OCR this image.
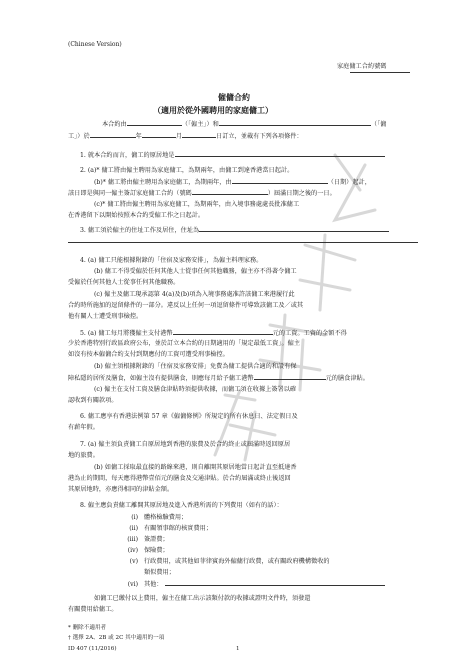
(Chinese Version)
家庭傭工合約號碼
僱傭合約
（適用於從外國聘用的家庭傭工）
本合約由	（「僱主」）和	（「傭
工」）於	年	月	日訂立，並載有下列各項條件：
1. 就本合約而言，傭工的原居地是
2. (a)* 傭工將由僱主聘用為家庭傭工，為期兩年，由傭工到達香港當日起計。
(b)* 傭工將由僱主聘用為家庭傭工，為期兩年，由	（日期）起計，
該日即是與同一僱主簽訂家庭傭工合約（號碼	）屆滿日期之後的一日。
(c)* 傭工將由僱主聘用為家庭傭工，為期兩年，由入境事務處處長批准傭工
在香港留下以開始按照本合約受僱工作之日起計。
3. 傭工須於僱主的住址工作及居住，住址為
4. (a) 傭工只能根據附錄的「住宿及家務安排」，為僱主料理家務。
(b) 傭工不得受僱於任何其他人士從事任何其他職務，僱主亦不得著令傭工
受僱於任何其他人士從事任何其他職務。
(c) 僱主及傭工現承認第 4(a)及(b)項為入境事務處准許該傭工來港履行此
合約時所施加的逗留條件的一部分。違反以上任何一項逗留條件可導致該傭工及／或其
他有關人士遭受刑事檢控。
5. (a) 傭工每月將獲僱主支付港幣	元的工資。工資的金額不得
少於香港特別行政區政府公布，並於訂立本合約的日期適用的「規定最低工資」。僱主
如沒有按本僱傭合約支付到期應付的工資可遭受刑事檢控。
(b) 僱主須根據附錄的「住宿及家務安排」免費為傭工提供合適的和設有保
障私隱的居所及膳食，如僱主沒有提供膳食，則應每月給予傭工港幣	元的膳食津貼。
(c) 僱主在支付工資及膳食津貼時須提供收據，而傭工須在收據上簽署以確
認收到有關款項。
6. 傭工應享有香港法例第 57 章《僱傭條例》所規定的所有休息日、法定假日及
有薪年假。
7. (a) 僱主須負責傭工自原居地到香港的旅費及於合約終止或屆滿時返回原居
地的旅費。
(b) 如傭工採取最直接的路線來港，則自離開其原居地當日起計直至抵達香
港為止的期間，每天應得港幣壹佰元的膳食及交通津貼。於合約屆滿或終止後返回
其原居地時，亦應得相同的津貼金額。
8. 僱主應負責傭工離開其原居地及進入香港所需的下列費用（如有的話）：
(i) 體格檢驗費用；
(ii) 有關領事館的核實費用；
(iii) 簽證費；
(iv) 保險費；
(v) 行政費用，或其他如菲律賓海外僱傭行政費，或有關政府機構徵收的
類似費用；
(vi) 其他：
如傭工已繳付以上費用，僱主在傭工出示該類付款的收據或證明文件時，須發還
有關費用給傭工。
* 刪除不適用者
† 選擇 2A、2B 或 2C 其中適用的一項
ID 407 (11/2016)	1
